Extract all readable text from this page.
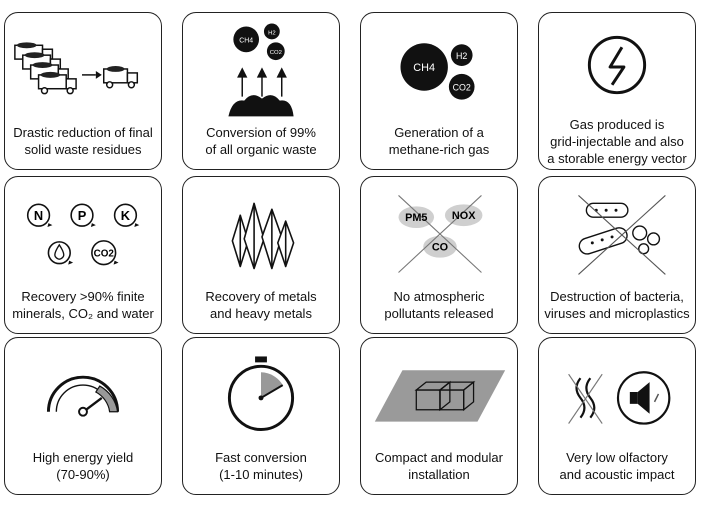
Drastic reduction of final
solid waste residues
CH4
H2
CO2
Conversion of 99%
of all organic waste
CH4
H2
CO2
Generation of a
methane-rich gas
Gas produced is
grid-injectable and also
a storable energy vector
N	P	K
CO2
Recovery >90% finite
minerals, CO₂ and water
Recovery of metals
and heavy metals
PM5 NOX
CO
No atmospheric
pollutants released
Destruction of bacteria,
viruses and microplastics
High energy yield
(70-90%)
Fast conversion
(1-10 minutes)
Compact and modular
installation
Very low olfactory
and acoustic impact
